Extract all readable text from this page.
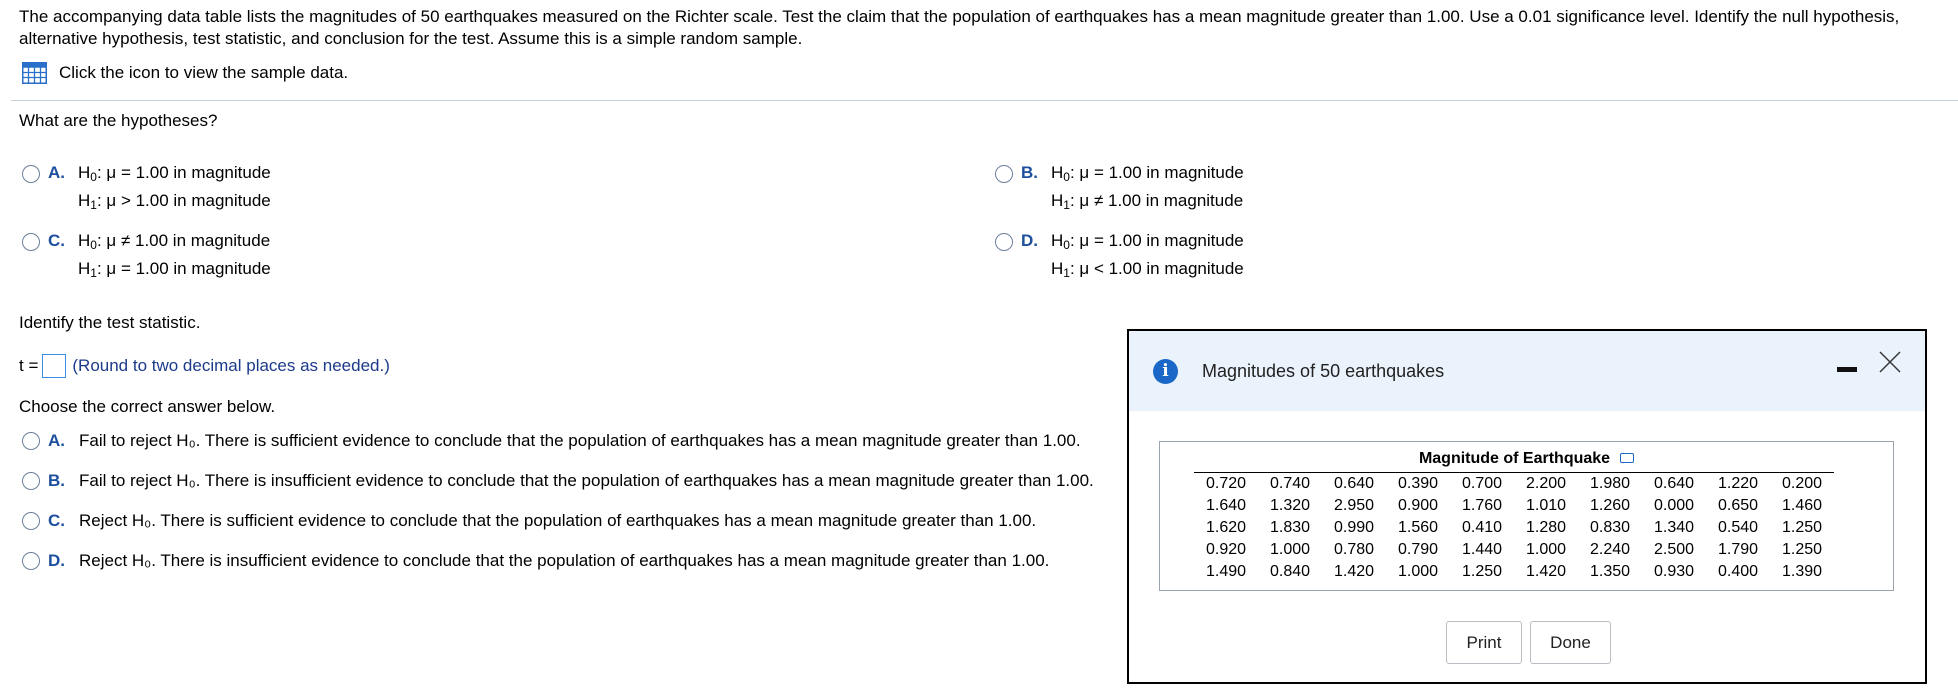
The accompanying data table lists the magnitudes of 50 earthquakes measured on the Richter scale. Test the claim that the population of earthquakes has a mean magnitude greater than 1.00. Use a 0.01 significance level. Identify the null hypothesis, alternative hypothesis, test statistic, and conclusion for the test. Assume this is a simple random sample.
Click the icon to view the sample data.
What are the hypotheses?
A. $H_0$: μ = 1.00 in magnitude
$H_1$: μ > 1.00 in magnitude
B. $H_0$: μ = 1.00 in magnitude
$H_1$: μ ≠ 1.00 in magnitude
C. $H_0$: μ ≠ 1.00 in magnitude
$H_1$: μ = 1.00 in magnitude
D. $H_0$: μ = 1.00 in magnitude
$H_1$: μ < 1.00 in magnitude
Identify the test statistic.
t = (Round to two decimal places as needed.)
Choose the correct answer below.
A. Fail to reject H₀. There is sufficient evidence to conclude that the population of earthquakes has a mean magnitude greater than 1.00.
B. Fail to reject H₀. There is insufficient evidence to conclude that the population of earthquakes has a mean magnitude greater than 1.00.
C. Reject H₀. There is sufficient evidence to conclude that the population of earthquakes has a mean magnitude greater than 1.00.
D. Reject H₀. There is insufficient evidence to conclude that the population of earthquakes has a mean magnitude greater than 1.00.
i	Magnitudes of 50 earthquakes
Magnitude of Earthquake
0.720	0.740	0.640	0.390	0.700	2.200	1.980	0.640	1.220	0.200
1.640	1.320	2.950	0.900	1.760	1.010	1.260	0.000	0.650	1.460
1.620	1.830	0.990	1.560	0.410	1.280	0.830	1.340	0.540	1.250
0.920	1.000	0.780	0.790	1.440	1.000	2.240	2.500	1.790	1.250
1.490	0.840	1.420	1.000	1.250	1.420	1.350	0.930	0.400	1.390
Print	Done
